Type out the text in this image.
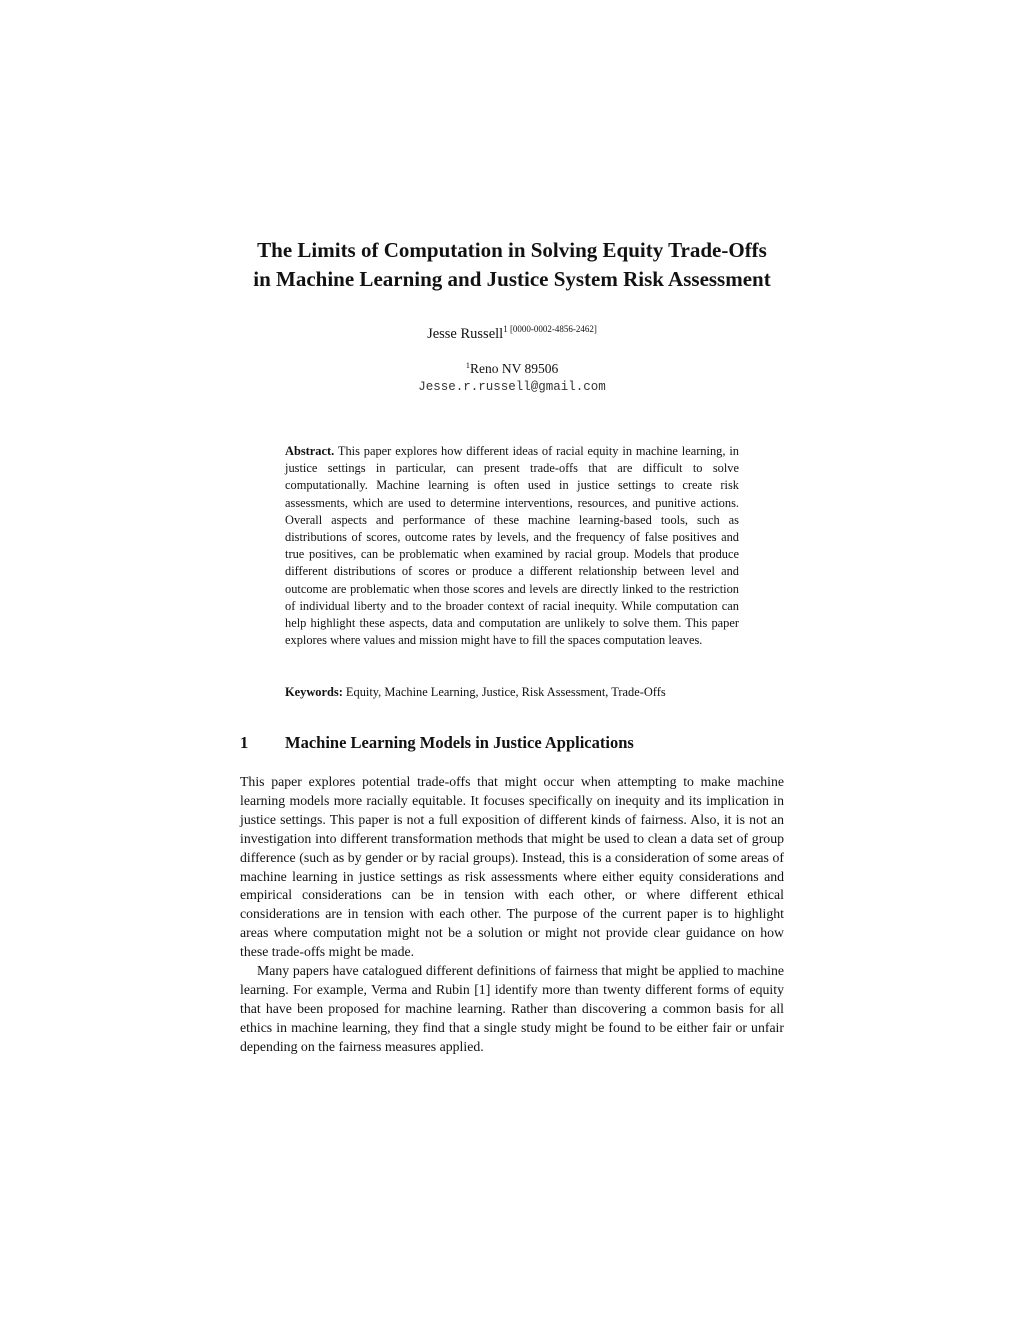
The Limits of Computation in Solving Equity Trade-Offs
in Machine Learning and Justice System Risk Assessment
Jesse Russell$^{1 [0000-0002-4856-2462]}$
$^1$Reno NV 89506
Jesse.r.russell@gmail.com
Abstract. This paper explores how different ideas of racial equity in machine learning, in justice settings in particular, can present trade-offs that are difficult to solve computationally. Machine learning is often used in justice settings to create risk assessments, which are used to determine interventions, resources, and punitive actions. Overall aspects and performance of these machine learning-based tools, such as distributions of scores, outcome rates by levels, and the frequency of false positives and true positives, can be problematic when examined by racial group. Models that produce different distributions of scores or produce a different relationship between level and outcome are problematic when those scores and levels are directly linked to the restriction of individual liberty and to the broader context of racial inequity. While computation can help highlight these aspects, data and computation are unlikely to solve them. This paper explores where values and mission might have to fill the spaces computation leaves.
Keywords: Equity, Machine Learning, Justice, Risk Assessment, Trade-Offs
1 Machine Learning Models in Justice Applications

This paper explores potential trade-offs that might occur when attempting to make machine learning models more racially equitable. It focuses specifically on inequity and its implication in justice settings. This paper is not a full exposition of different kinds of fairness. Also, it is not an investigation into different transformation methods that might be used to clean a data set of group difference (such as by gender or by racial groups). Instead, this is a consideration of some areas of machine learning in justice settings as risk assessments where either equity considerations and empirical considerations can be in tension with each other, or where different ethical considerations are in tension with each other. The purpose of the current paper is to highlight areas where computation might not be a solution or might not provide clear guidance on how these trade-offs might be made.

Many papers have catalogued different definitions of fairness that might be applied to machine learning. For example, Verma and Rubin [1] identify more than twenty different forms of equity that have been proposed for machine learning. Rather than discovering a common basis for all ethics in machine learning, they find that a single study might be found to be either fair or unfair depending on the fairness measures applied.
